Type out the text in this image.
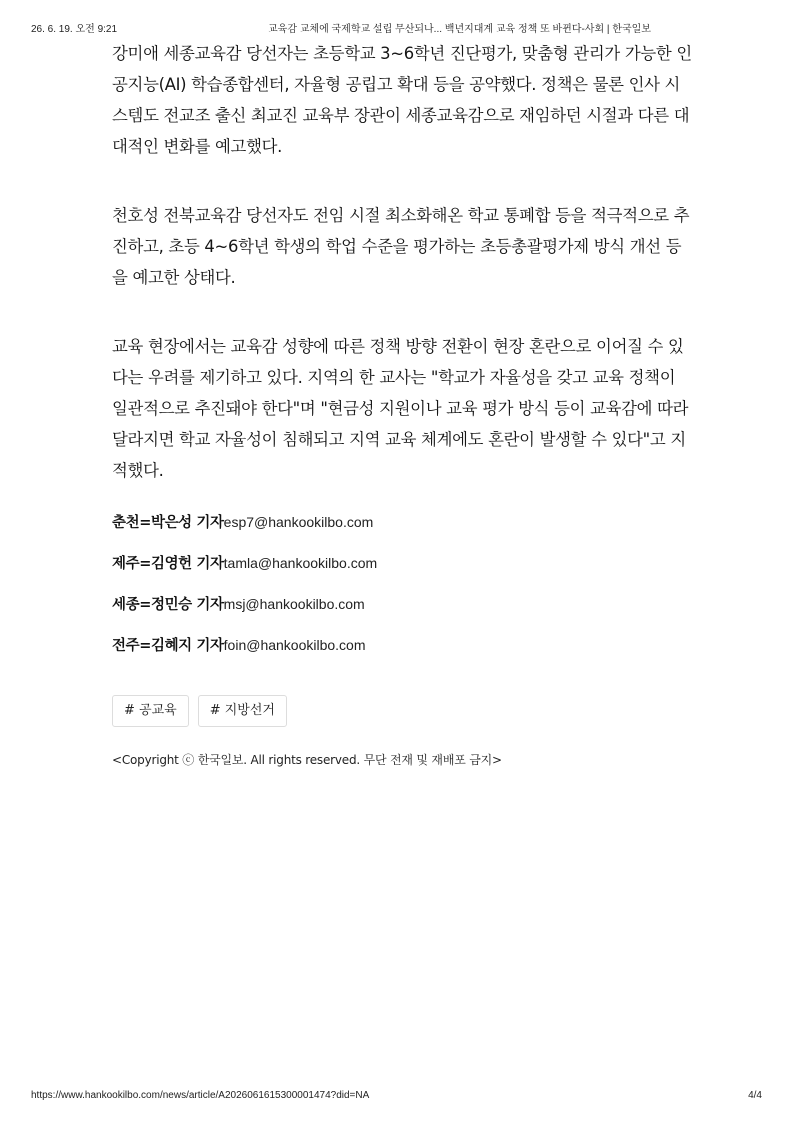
26. 6. 19. 오전 9:21	교육감 교체에 국제학교 설립 무산되나... 백년지대계 교육 정책 또 바뀐다-사회 | 한국일보

강미애 세종교육감 당선자는 초등학교 3~6학년 진단평가, 맞춤형 관리가 가능한 인공지능(AI) 학습종합센터, 자율형 공립고 확대 등을 공약했다. 정책은 물론 인사 시스템도 전교조 출신 최교진 교육부 장관이 세종교육감으로 재임하던 시절과 다른 대대적인 변화를 예고했다.

천호성 전북교육감 당선자도 전임 시절 최소화해온 학교 통폐합 등을 적극적으로 추진하고, 초등 4~6학년 학생의 학업 수준을 평가하는 초등총괄평가제 방식 개선 등을 예고한 상태다.

교육 현장에서는 교육감 성향에 따른 정책 방향 전환이 현장 혼란으로 이어질 수 있다는 우려를 제기하고 있다. 지역의 한 교사는 "학교가 자율성을 갖고 교육 정책이 일관적으로 추진돼야 한다"며 "현금성 지원이나 교육 평가 방식 등이 교육감에 따라 달라지면 학교 자율성이 침해되고 지역 교육 체계에도 혼란이 발생할 수 있다"고 지적했다.

춘천=박은성 기자esp7@hankookilbo.com
제주=김영헌 기자tamla@hankookilbo.com
세종=정민승 기자msj@hankookilbo.com
전주=김혜지 기자foin@hankookilbo.com
# 공교육	# 지방선거
<Copyright ⓒ 한국일보. All rights reserved. 무단 전재 및 재배포 금지>
https://www.hankookilbo.com/news/article/A2026061615300001474?did=NA	4/4
